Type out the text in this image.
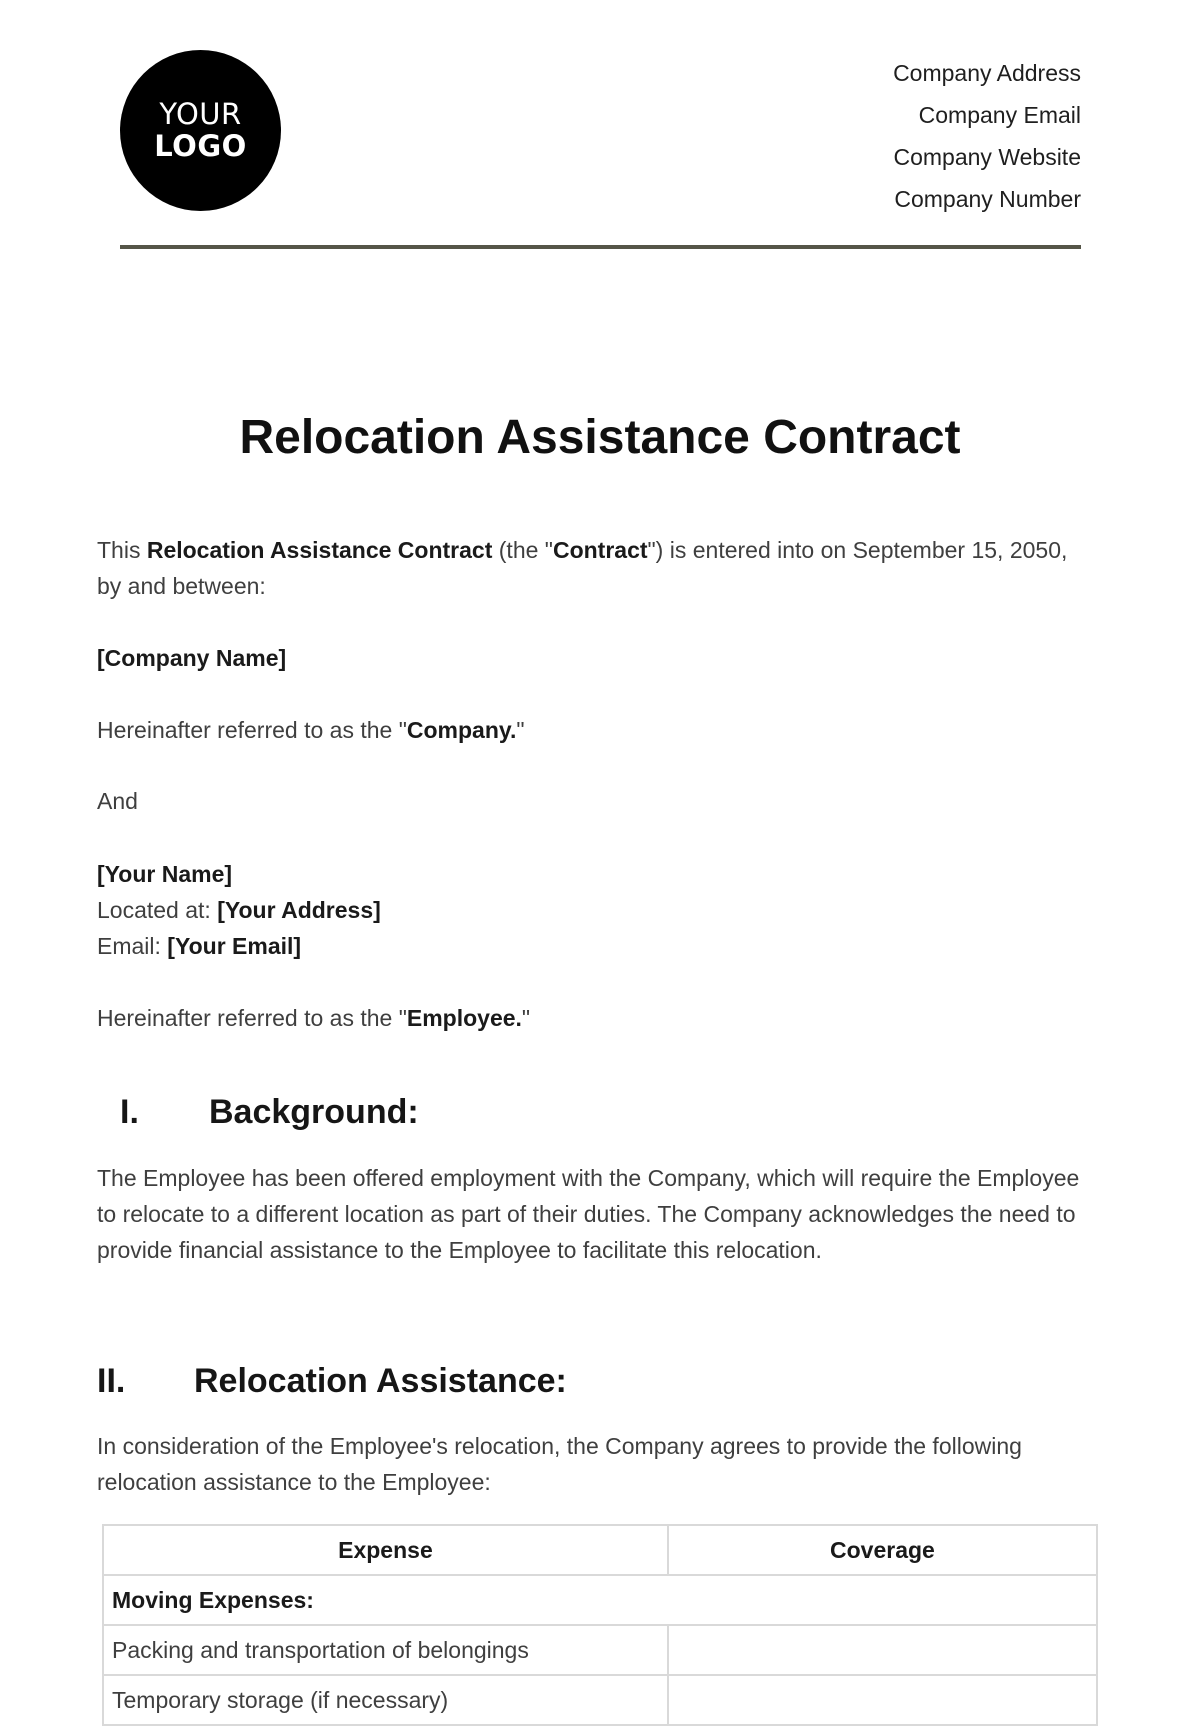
YOUR
LOGO
Company Address
Company Email
Company Website
Company Number
Relocation Assistance Contract
This Relocation Assistance Contract (the "Contract") is entered into on September 15, 2050, by and between:
[Company Name]
Hereinafter referred to as the "Company."
And
[Your Name]
Located at: [Your Address]
Email: [Your Email]
Hereinafter referred to as the "Employee."
I. Background:
The Employee has been offered employment with the Company, which will require the Employee to relocate to a different location as part of their duties. The Company acknowledges the need to provide financial assistance to the Employee to facilitate this relocation.
II. Relocation Assistance:
In consideration of the Employee's relocation, the Company agrees to provide the following relocation assistance to the Employee:
Expense	Coverage
Moving Expenses:	
Packing and transportation of belongings	
Temporary storage (if necessary)	
